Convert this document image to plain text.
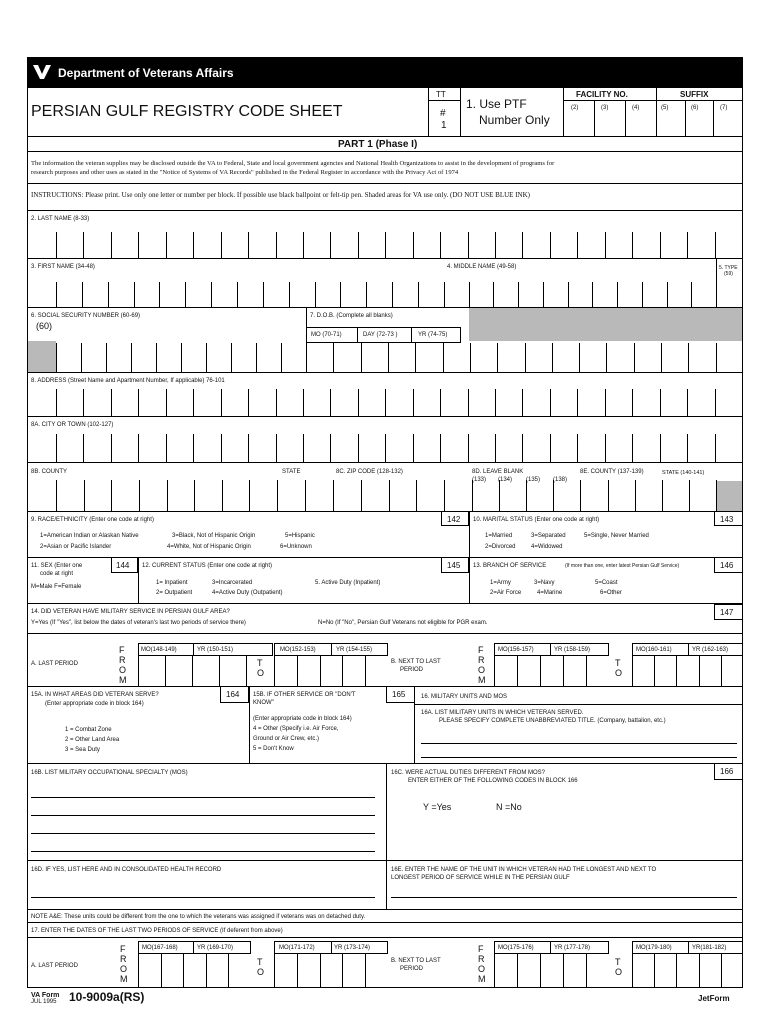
Department of Veterans Affairs
PERSIAN GULF REGISTRY CODE SHEET
TT
#
1
1. Use PTF
Number Only
FACILITY NO.	SUFFIX
(2)	(3)	(4)	(5)	(6)	(7)
PART 1 (Phase I)
The information the veteran supplies may be disclosed outside the VA to Federal, State and local government agencies and National Health Organizations to assist in the development of programs for
research purposes and other uses as stated in the "Notice of Systems of VA Records" published in the Federal Register in accordance with the Privacy Act of 1974
INSTRUCTIONS: Please print. Use only one letter or number per block. If possible use black ballpoint or felt-tip pen. Shaded areas for VA use only. (DO NOT USE BLUE INK)
2. LAST NAME (8-33)
3. FIRST NAME (34-48)	4. MIDDLE NAME (49-58)	5. TYPE
(59)
6. SOCIAL SECURITY NUMBER (60-69)
(60)
7. D.O.B. (Complete all blanks)
MO (70-71)	DAY (72-73 )	YR (74-75)
8. ADDRESS (Street Name and Apartment Number, If applicable) 76-101
8A. CITY OR TOWN (102-127)
8B. COUNTY	STATE	8C. ZIP CODE (128-132)	8D. LEAVE BLANK
(133) (134) (135) (138)
8E. COUNTY (137-139)	STATE (140-141)
9. RACE/ETHNICITY (Enter one code at right)	142
1=American Indian or Alaskan Native	3=Black, Not of Hispanic Origin	5=Hispanic
2=Asian or Pacific Islander	4=White, Not of Hispanic Origin	6=Unknown
10. MARITAL STATUS (Enter one code at right)	143
1=Married	3=Separated	5=Single, Never Married
2=Divorced	4=Widowed
11. SEX (Enter one
code at right
M=Male F=Female
144 12. CURRENT STATUS (Enter one code at right)	145
1= Inpatient	3=Incarcerated	5. Active Duty (Inpatient)
2= Outpatient	4=Active Duty (Outpatient)
13. BRANCH OF SERVICE	(If more than one, enter latest Persian Gulf Service)	146
1=Army	3=Navy	5=Coast
2=Air Force	4=Marine	6=Other
14. DID VETERAN HAVE MILITARY SERVICE IN PERSIAN GULF AREA?
Y=Yes (If "Yes", list below the dates of veteran's last two periods of service there)	N=No (If "No", Persian Gulf Veterans not eligible for PGR exam.
147
A. LAST PERIOD
F
R
O
M
MO(148-149)	YR (150-151)
T
O
MO(152-153)	YR (154-155)
B. NEXT TO LAST
PERIOD
F
R
O
M
MO(156-157)	YR (158-159)
T
O
MO(160-161)	YR (162-163)
15A. IN WHAT AREAS DID VETERAN SERVE?
(Enter appropriate code in block 164)
164
1 = Combat Zone
2 = Other Land Area
3 = Sea Duty
15B. IF OTHER SERVICE OR "DON'T
KNOW"
(Enter appropriate code in block 164)
4 = Other (Specify i.e. Air Force,
Ground or Air Crew, etc.)
5 = Don't Know
165	16. MILITARY UNITS AND MOS
16A. LIST MILITARY UNITS IN WHICH VETERAN SERVED.
PLEASE SPECIFY COMPLETE UNABBREVIATED TITLE. (Company, battalion, etc.)
16B. LIST MILITARY OCCUPATIONAL SPECIALTY (MOS)	16C. WERE ACTUAL DUTIES DIFFERENT FROM MOS?
ENTER EITHER OF THE FOLLOWING CODES IN BLOCK 166
166
Y =Yes	N =No
16D. IF YES, LIST HERE AND IN CONSOLIDATED HEALTH RECORD	16E. ENTER THE NAME OF THE UNIT IN WHICH VETERAN HAD THE LONGEST AND NEXT TO
LONGEST PERIOD OF SERVICE WHILE IN THE PERSIAN GULF
NOTE A&E: These units could be different from the one to which the veterans was assigned if veterans was on detached duty.
17. ENTER THE DATES OF THE LAST TWO PERIODS OF SERVICE (If deferent from above)
A. LAST PERIOD
F
R
O
M
MO(167-168)	YR (169-170)
T
O
MO(171-172)	YR (173-174)
B. NEXT TO LAST
PERIOD
F
R
O
M
MO(175-176)	YR (177-178)
T
O
MO(179-180)	YR(181-182)
VA Form
JUL 1995 10-9009a(RS)	JetForm
